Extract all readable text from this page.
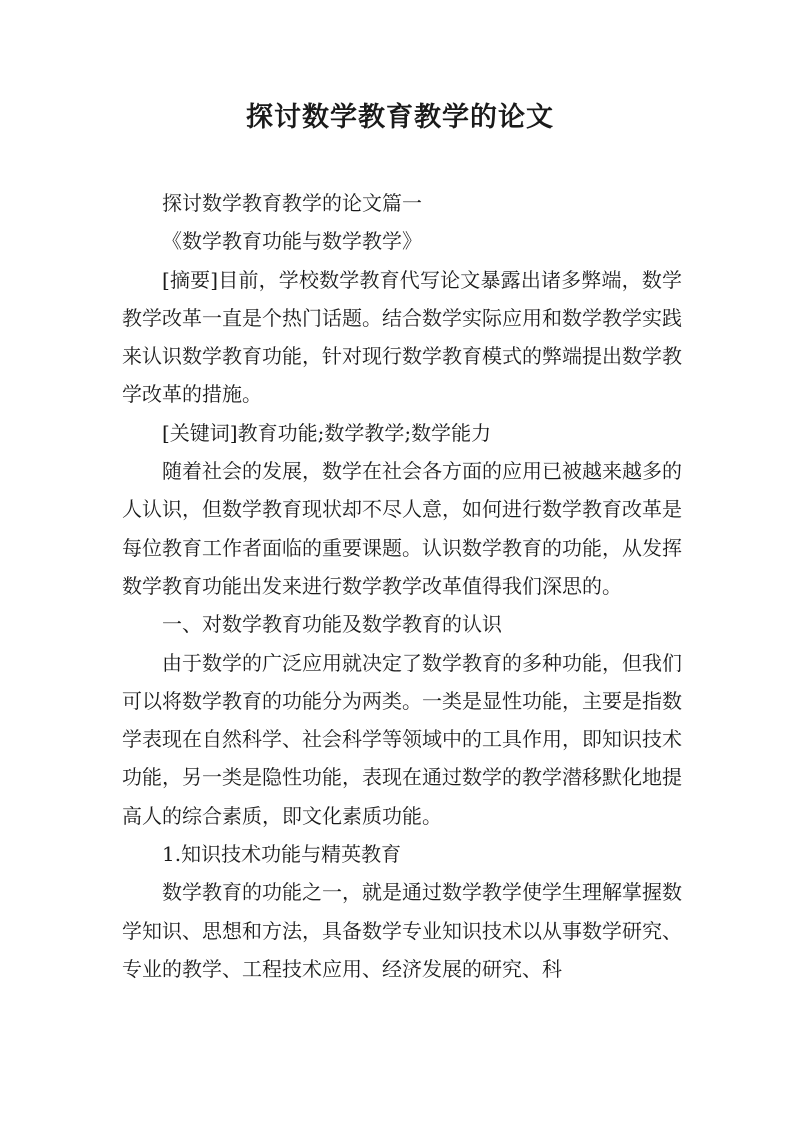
探讨数学教育教学的论文

探讨数学教育教学的论文篇一

《数学教育功能与数学教学》

[摘要]目前，学校数学教育代写论文暴露出诸多弊端，数学教学改革一直是个热门话题。结合数学实际应用和数学教学实践来认识数学教育功能，针对现行数学教育模式的弊端提出数学教学改革的措施。

[关键词]教育功能;数学教学;数学能力

随着社会的发展，数学在社会各方面的应用已被越来越多的人认识，但数学教育现状却不尽人意，如何进行数学教育改革是每位教育工作者面临的重要课题。认识数学教育的功能，从发挥数学教育功能出发来进行数学教学改革值得我们深思的。

一、对数学教育功能及数学教育的认识

由于数学的广泛应用就决定了数学教育的多种功能，但我们可以将数学教育的功能分为两类。一类是显性功能，主要是指数学表现在自然科学、社会科学等领域中的工具作用，即知识技术功能，另一类是隐性功能，表现在通过数学的教学潜移默化地提高人的综合素质，即文化素质功能。

1.知识技术功能与精英教育

数学教育的功能之一，就是通过数学教学使学生理解掌握数学知识、思想和方法，具备数学专业知识技术以从事数学研究、专业的教学、工程技术应用、经济发展的研究、科
